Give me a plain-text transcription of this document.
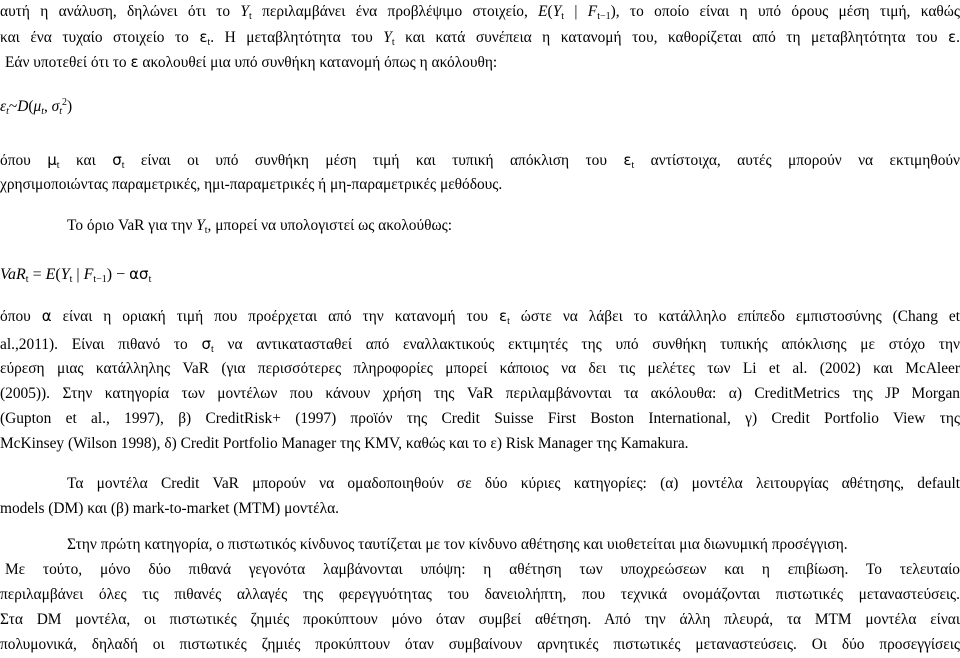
αυτή η ανάλυση, δηλώνει ότι το $Y_t$ περιλαμβάνει ένα προβλέψιμο στοιχείο, $E(Y_t$ | $F_{t-1}$), το οποίο είναι η υπό όρους μέση τιμή, καθώς
και ένα τυχαίο στοιχείο το $\varepsilon_t$. Η μεταβλητότητα του $Y_t$ και κατά συνέπεια η κατανομή του, καθορίζεται από τη μεταβλητότητα του ε.
Εάν υποτεθεί ότι το ε ακολουθεί μια υπό συνθήκη κατανομή όπως η ακόλουθη:
$\varepsilon_t\sim D(\mu_t$, $\sigma_t^2$)
όπου $\mu_t$ και $\sigma_t$ είναι οι υπό συνθήκη μέση τιμή και τυπική απόκλιση του $\varepsilon_t$ αντίστοιχα, αυτές μπορούν να εκτιμηθούν
χρησιμοποιώντας παραμετρικές, ημι-παραμετρικές ή μη-παραμετρικές μεθόδους.
Το όριο VaR για την $Y_t$, μπορεί να υπολογιστεί ως ακολούθως:
$VaR_t = E(Y_t$ | $F_{t-1}) - \alpha\sigma_t$
όπου α είναι η οριακή τιμή που προέρχεται από την κατανομή του $\varepsilon_t$ ώστε να λάβει το κατάλληλο επίπεδο εμπιστοσύνης (Chang et
al.,2011). Είναι πιθανό το $\sigma_t$ να αντικατασταθεί από εναλλακτικούς εκτιμητές της υπό συνθήκη τυπικής απόκλισης με στόχο την
εύρεση μιας κατάλληλης VaR (για περισσότερες πληροφορίες μπορεί κάποιος να δει τις μελέτες των Li et al. (2002) και McAleer
(2005)). Στην κατηγορία των μοντέλων που κάνουν χρήση της VaR περιλαμβάνονται τα ακόλουθα: α) CreditMetrics της JP Morgan
(Gupton et al., 1997), β) CreditRisk+ (1997) προϊόν της Credit Suisse First Boston International, γ) Credit Portfolio View της
McKinsey (Wilson 1998), δ) Credit Portfolio Manager της KMV, καθώς και το ε) Risk Manager της Kamakura.
Τα μοντέλα Credit VaR μπορούν να ομαδοποιηθούν σε δύο κύριες κατηγορίες: (α) μοντέλα λειτουργίας αθέτησης, default
models (DM) και (β) mark-to-market (MTM) μοντέλα.
Στην πρώτη κατηγορία, ο πιστωτικός κίνδυνος ταυτίζεται με τον κίνδυνο αθέτησης και υιοθετείται μια διωνυμική προσέγγιση.
Με τούτο, μόνο δύο πιθανά γεγονότα λαμβάνονται υπόψη: η αθέτηση των υποχρεώσεων και η επιβίωση. Το τελευταίο
περιλαμβάνει όλες τις πιθανές αλλαγές της φερεγγυότητας του δανειολήπτη, που τεχνικά ονομάζονται πιστωτικές μεταναστεύσεις.
Στα DM μοντέλα, οι πιστωτικές ζημιές προκύπτουν μόνο όταν συμβεί αθέτηση. Από την άλλη πλευρά, τα MTM μοντέλα είναι
πολυμονικά, δηλαδή οι πιστωτικές ζημιές προκύπτουν όταν συμβαίνουν αρνητικές πιστωτικές μεταναστεύσεις. Οι δύο προσεγγίσεις
